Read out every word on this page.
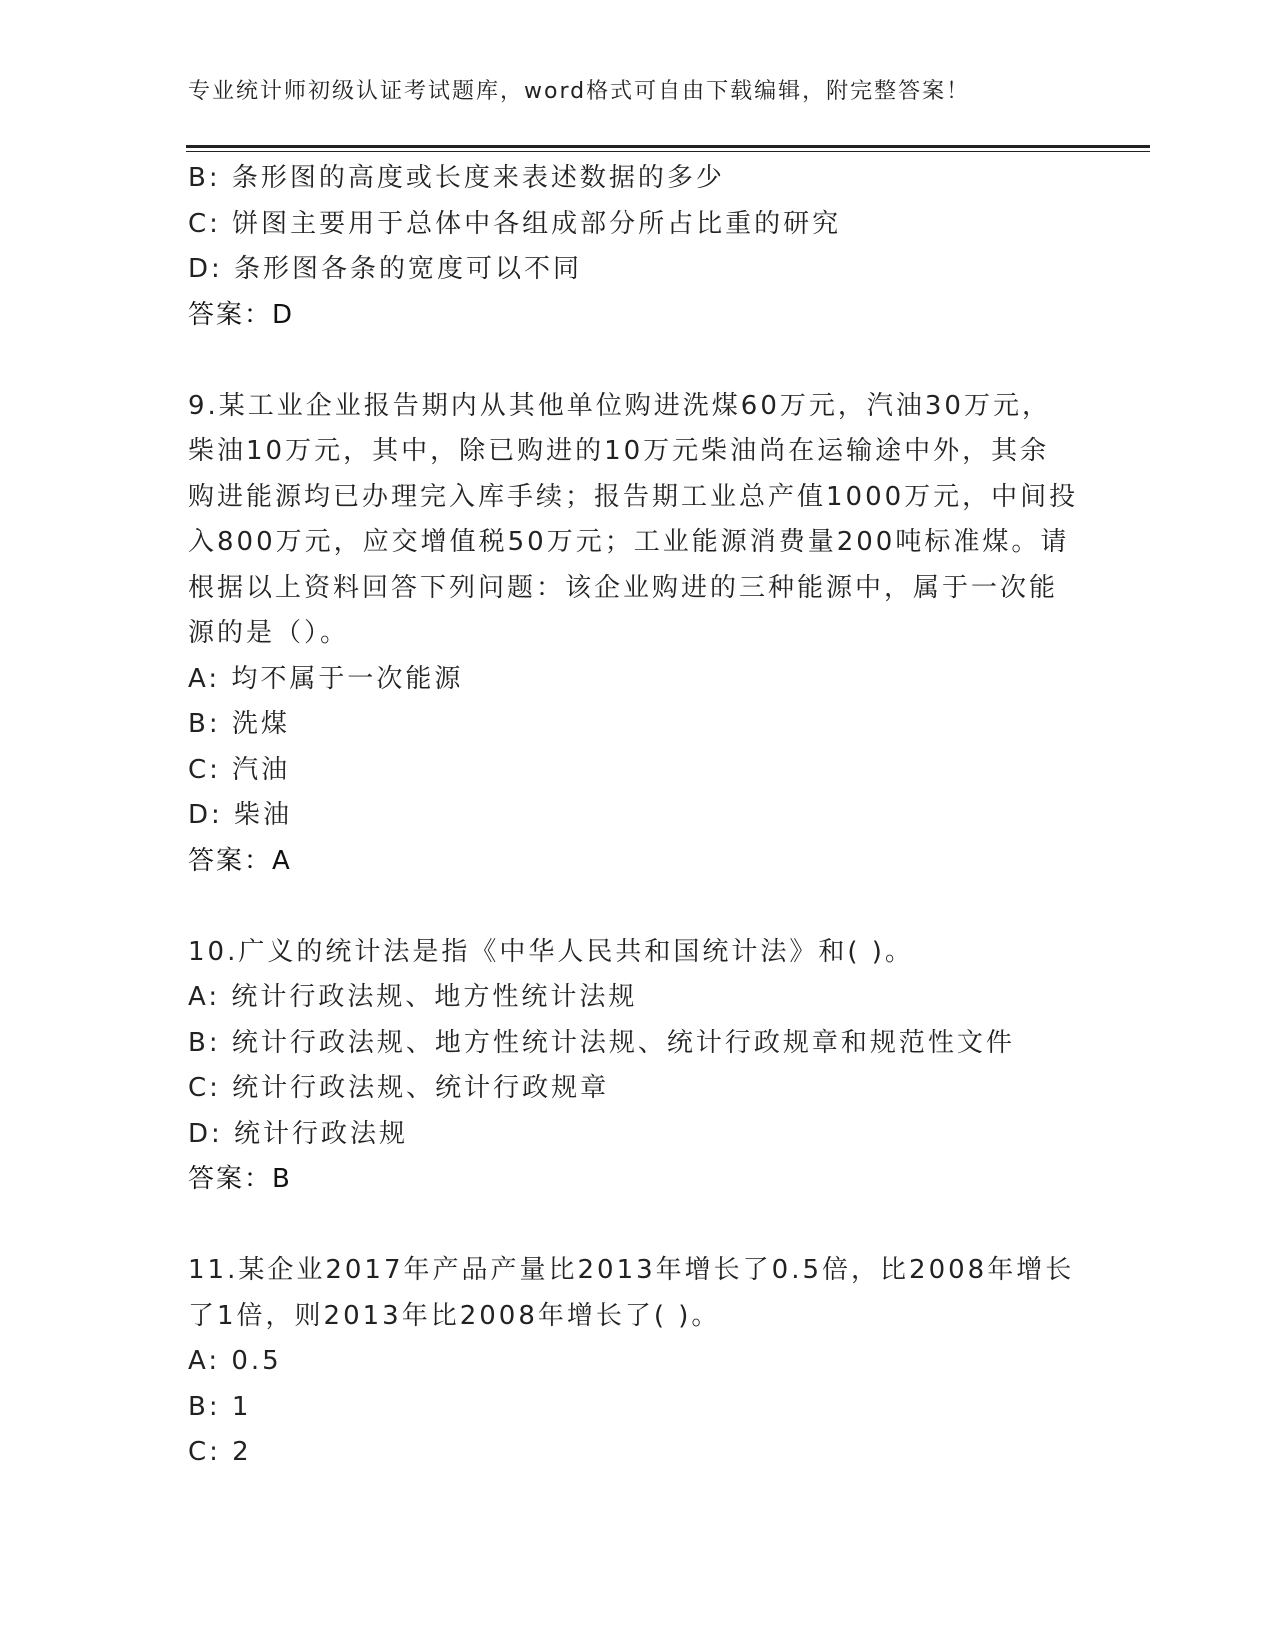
专业统计师初级认证考试题库，word格式可自由下载编辑，附完整答案！
B: 条形图的高度或长度来表述数据的多少
C: 饼图主要用于总体中各组成部分所占比重的研究
D: 条形图各条的宽度可以不同
答案：D
9.某工业企业报告期内从其他单位购进洗煤60万元，汽油30万元，
柴油10万元，其中，除已购进的10万元柴油尚在运输途中外，其余
购进能源均已办理完入库手续；报告期工业总产值1000万元，中间投
入800万元，应交增值税50万元；工业能源消费量200吨标准煤。请
根据以上资料回答下列问题：该企业购进的三种能源中，属于一次能
源的是（）。
A: 均不属于一次能源
B: 洗煤
C: 汽油
D: 柴油
答案：A
10.广义的统计法是指《中华人民共和国统计法》和( )。
A: 统计行政法规、地方性统计法规
B: 统计行政法规、地方性统计法规、统计行政规章和规范性文件
C: 统计行政法规、统计行政规章
D: 统计行政法规
答案：B
11.某企业2017年产品产量比2013年增长了0.5倍，比2008年增长
了1倍，则2013年比2008年增长了( )。
A: 0.5
B: 1
C: 2
